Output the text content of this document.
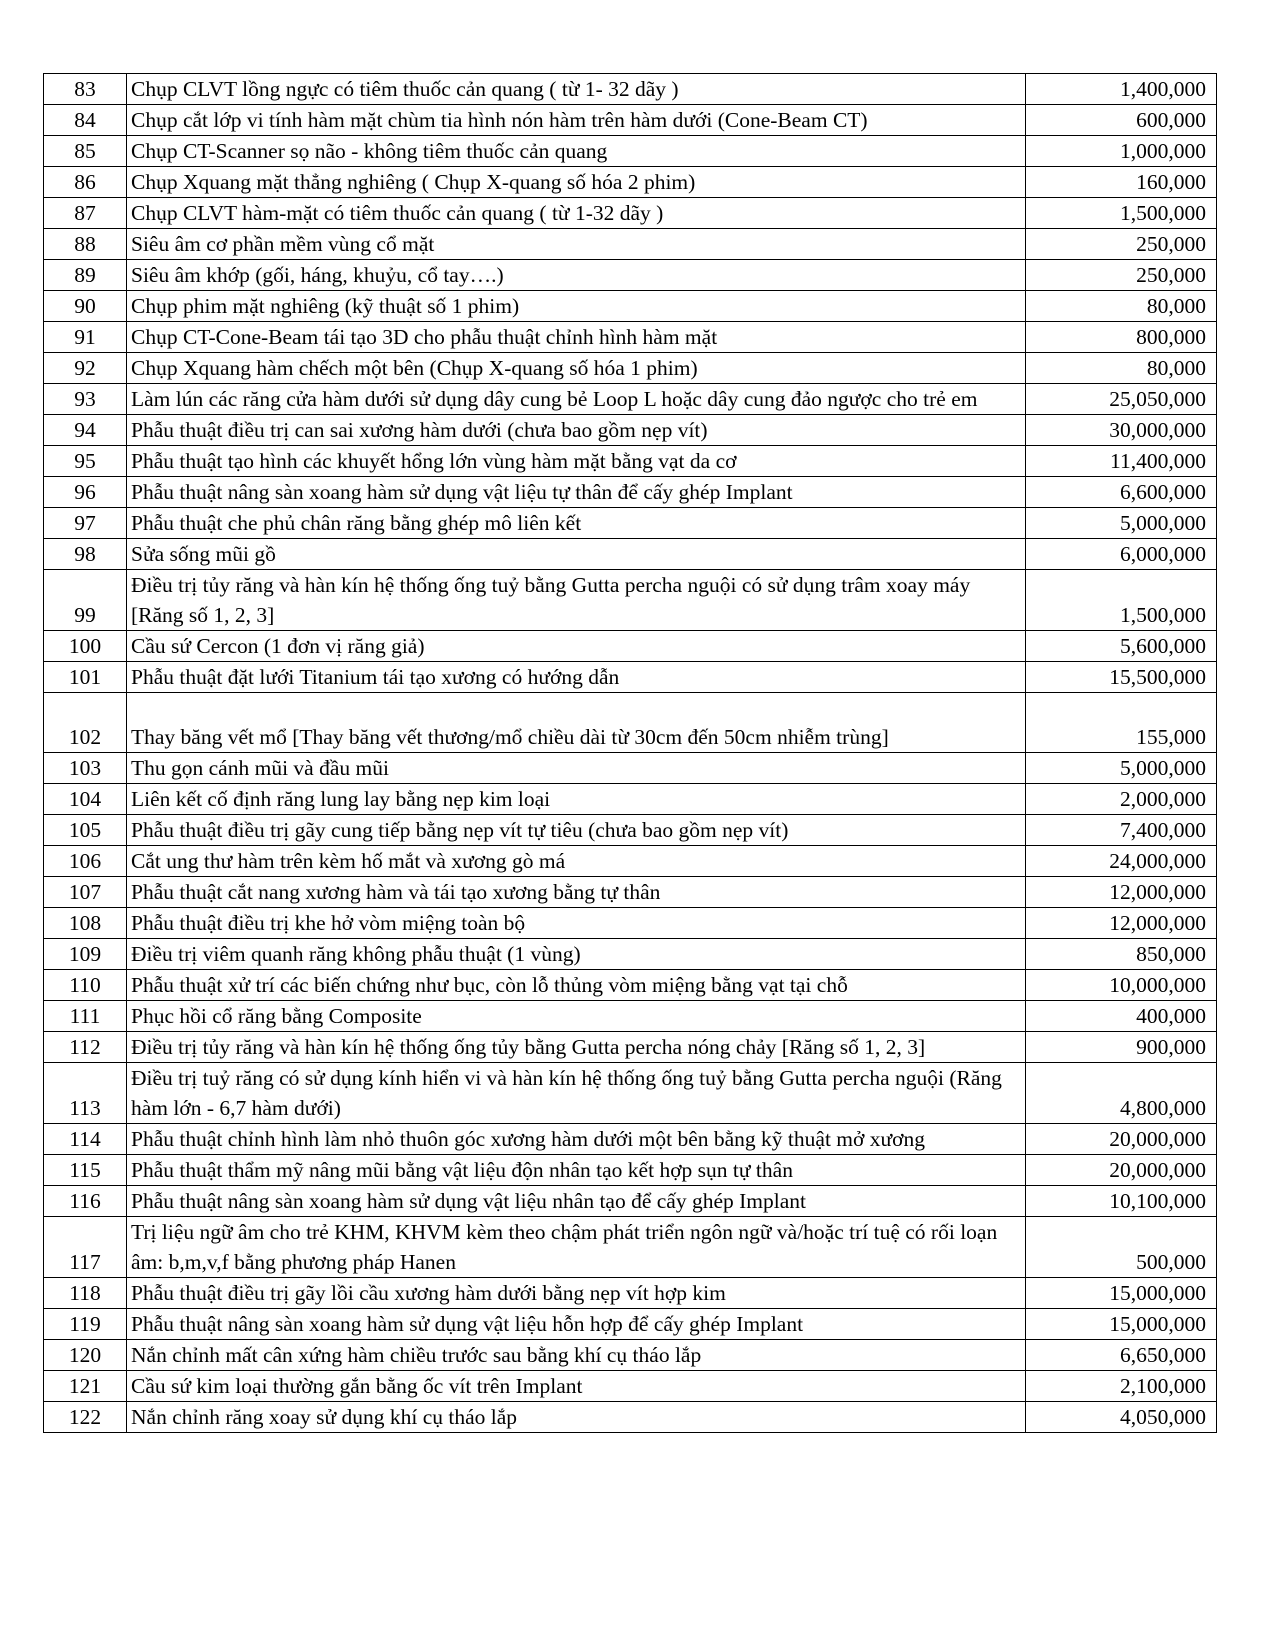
83	Chụp CLVT lồng ngực có tiêm thuốc cản quang ( từ 1- 32 dãy )	1,400,000
84	Chụp cắt lớp vi tính hàm mặt chùm tia hình nón hàm trên hàm dưới (Cone-Beam CT)	600,000
85	Chụp CT-Scanner sọ não - không tiêm thuốc cản quang	1,000,000
86	Chụp Xquang mặt thẳng nghiêng ( Chụp X-quang số hóa 2 phim)	160,000
87	Chụp CLVT hàm-mặt có tiêm thuốc cản quang ( từ 1-32 dãy )	1,500,000
88	Siêu âm cơ phần mềm vùng cổ mặt	250,000
89	Siêu âm khớp (gối, háng, khuỷu, cổ tay….)	250,000
90	Chụp phim mặt nghiêng (kỹ thuật số 1 phim)	80,000
91	Chụp CT-Cone-Beam tái tạo 3D cho phẫu thuật chỉnh hình hàm mặt	800,000
92	Chụp Xquang hàm chếch một bên (Chụp X-quang số hóa 1 phim)	80,000
93	Làm lún các răng cửa hàm dưới sử dụng dây cung bẻ Loop L hoặc dây cung đảo ngược cho trẻ em	25,050,000
94	Phẫu thuật điều trị can sai xương hàm dưới (chưa bao gồm nẹp vít)	30,000,000
95	Phẫu thuật tạo hình các khuyết hổng lớn vùng hàm mặt bằng vạt da cơ	11,400,000
96	Phẫu thuật nâng sàn xoang hàm sử dụng vật liệu tự thân để cấy ghép Implant	6,600,000
97	Phẫu thuật che phủ chân răng bằng ghép mô liên kết	5,000,000
98	Sửa sống mũi gồ	6,000,000
99	Điều trị tủy răng và hàn kín hệ thống ống tuỷ bằng Gutta percha nguội có sử dụng trâm xoay máy [Răng số 1, 2, 3]	1,500,000
100	Cầu sứ Cercon (1 đơn vị răng giả)	5,600,000
101	Phẫu thuật đặt lưới Titanium tái tạo xương có hướng dẫn	15,500,000
102	Thay băng vết mổ [Thay băng vết thương/mổ chiều dài từ 30cm đến 50cm nhiễm trùng]	155,000
103	Thu gọn cánh mũi và đầu mũi	5,000,000
104	Liên kết cố định răng lung lay bằng nẹp kim loại	2,000,000
105	Phẫu thuật điều trị gãy cung tiếp bằng nẹp vít tự tiêu (chưa bao gồm nẹp vít)	7,400,000
106	Cắt ung thư hàm trên kèm hố mắt và xương gò má	24,000,000
107	Phẫu thuật cắt nang xương hàm và tái tạo xương bằng tự thân	12,000,000
108	Phẫu thuật điều trị khe hở vòm miệng toàn bộ	12,000,000
109	Điều trị viêm quanh răng không phẫu thuật (1 vùng)	850,000
110	Phẫu thuật xử trí các biến chứng như bục, còn lỗ thủng vòm miệng bằng vạt tại chỗ	10,000,000
111	Phục hồi cổ răng bằng Composite	400,000
112	Điều trị tủy răng và hàn kín hệ thống ống tủy bằng Gutta percha nóng chảy [Răng số 1, 2, 3]	900,000
113	Điều trị tuỷ răng có sử dụng kính hiển vi và hàn kín hệ thống ống tuỷ bằng Gutta percha nguội (Răng hàm lớn - 6,7 hàm dưới)	4,800,000
114	Phẫu thuật chỉnh hình làm nhỏ thuôn góc xương hàm dưới một bên bằng kỹ thuật mở xương	20,000,000
115	Phẫu thuật thẩm mỹ nâng mũi bằng vật liệu độn nhân tạo kết hợp sụn tự thân	20,000,000
116	Phẫu thuật nâng sàn xoang hàm sử dụng vật liệu nhân tạo để cấy ghép Implant	10,100,000
117	Trị liệu ngữ âm cho trẻ KHM, KHVM kèm theo chậm phát triển ngôn ngữ và/hoặc trí tuệ có rối loạn âm: b,m,v,f bằng phương pháp Hanen	500,000
118	Phẫu thuật điều trị gãy lồi cầu xương hàm dưới bằng nẹp vít hợp kim	15,000,000
119	Phẫu thuật nâng sàn xoang hàm sử dụng vật liệu hỗn hợp để cấy ghép Implant	15,000,000
120	Nắn chỉnh mất cân xứng hàm chiều trước sau bằng khí cụ tháo lắp	6,650,000
121	Cầu sứ kim loại thường gắn bằng ốc vít trên Implant	2,100,000
122	Nắn chỉnh răng xoay sử dụng khí cụ tháo lắp	4,050,000
